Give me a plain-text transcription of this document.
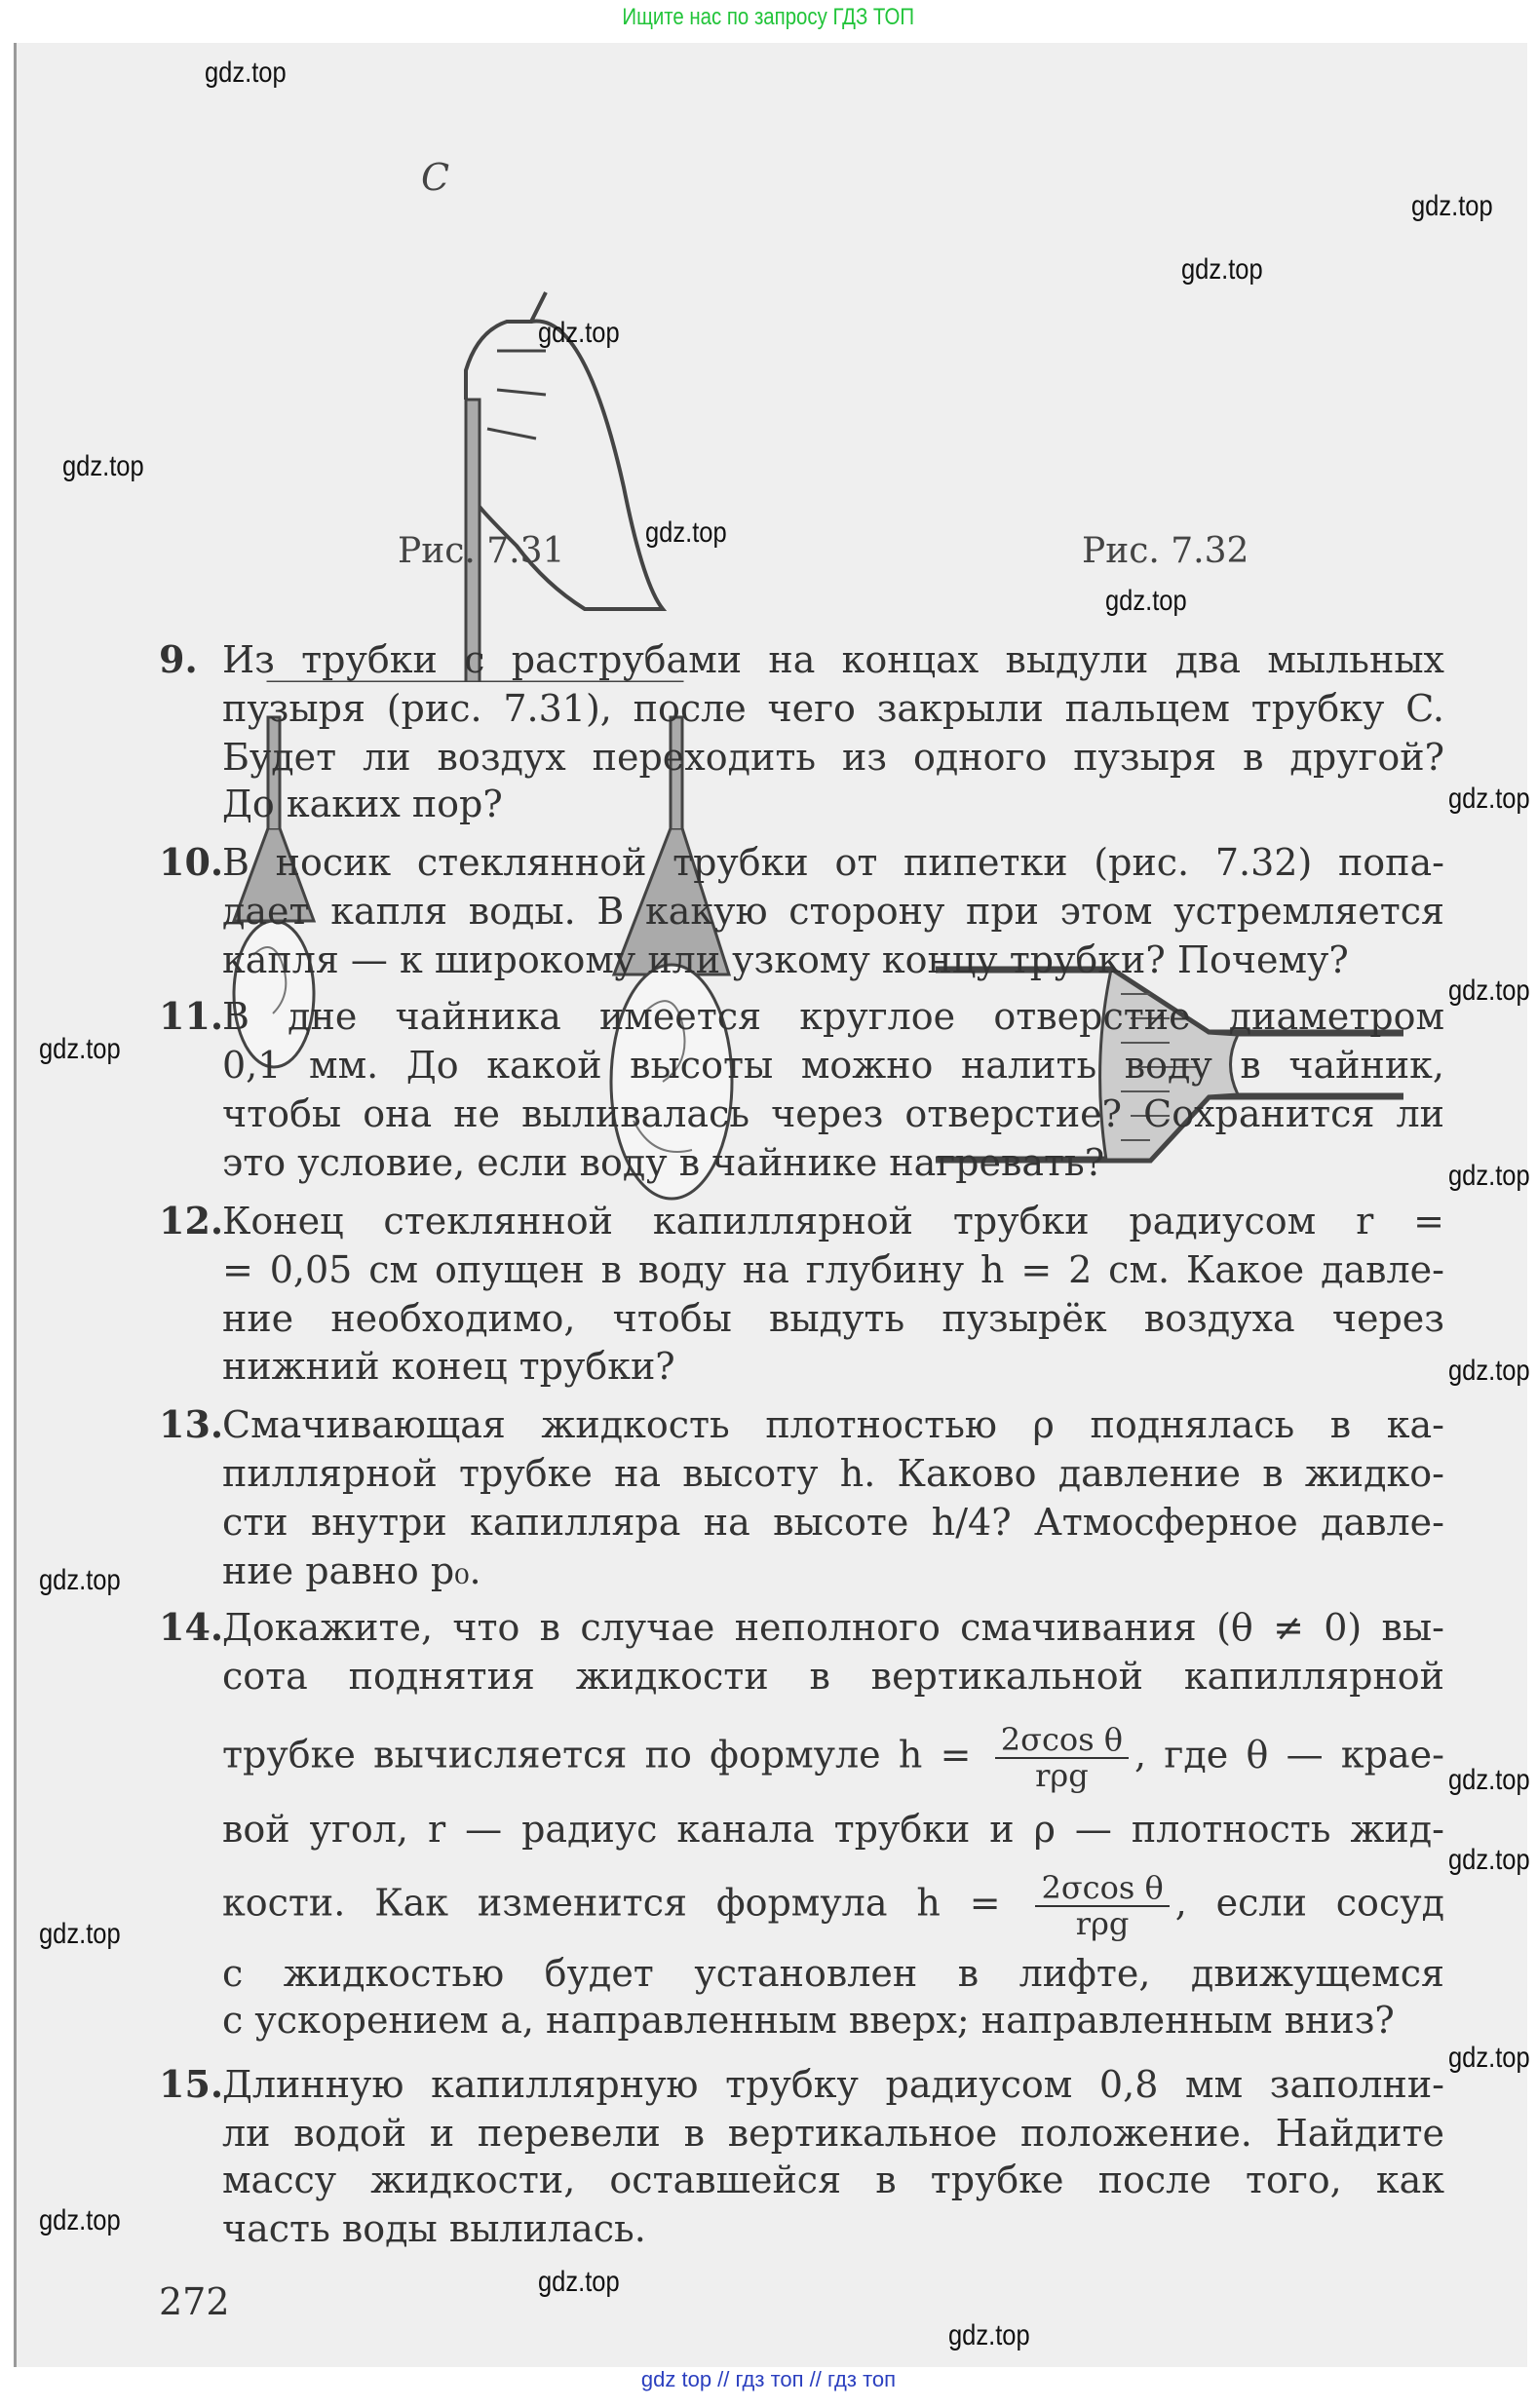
Ищите нас по запросу ГДЗ ТОП
C
Рис. 7.31	Рис. 7.32
9. Из трубки с раструбами на концах выдули два мыльных
пузыря (рис. 7.31), после чего закрыли пальцем трубку C.
Будет ли воздух переходить из одного пузыря в другой?
До каких пор?
10.
В носик стеклянной трубки от пипетки (рис. 7.32) попа-
дает капля воды. В какую сторону при этом устремляется
капля — к широкому или узкому концу трубки? Почему?
11.
В дне чайника имеется круглое отверстие диаметром
0,1 мм. До какой высоты можно налить воду в чайник,
чтобы она не выливалась через отверстие? Сохранится ли
это условие, если воду в чайнике нагревать?
12.
Конец стеклянной капиллярной трубки радиусом r =
= 0,05 см опущен в воду на глубину h = 2 см. Какое давле-
ние необходимо, чтобы выдуть пузырёк воздуха через
нижний конец трубки?
13.
Смачивающая жидкость плотностью ρ поднялась в ка-
пиллярной трубке на высоту h. Каково давление в жидко-
сти внутри капилляра на высоте h/4? Атмосферное давле-
ние равно p₀.
14.
Докажите, что в случае неполного смачивания (θ ≠ 0) вы-
сота поднятия жидкости в вертикальной капиллярной
трубке вычисляется по формуле $h = \frac{\text{2σcos θ}}{\text{rρg}}$ , где θ — крае-
вой угол, r — радиус канала трубки и ρ — плотность жид-
кости. Как изменится формула $h = \frac{\text{2σcos θ}}{\text{rρg}}$ , если сосуд
с жидкостью будет установлен в лифте, движущемся
с ускорением a, направленным вверх; направленным вниз?
15.
Длинную капиллярную трубку радиусом 0,8 мм заполни-
ли водой и перевели в вертикальное положение. Найдите
массу жидкости, оставшейся в трубке после того, как
часть воды вылилась.
272
gdz top // гдз топ // гдз топ
gdz.top
gdz.top
gdz.top
gdz.top
gdz.top
gdz.top
gdz.top
gdz.top
gdz.top
gdz.top
gdz.top
gdz.top
gdz.top
gdz.top
gdz.top
gdz.top
gdz.top
gdz.top
gdz.top
gdz.top
